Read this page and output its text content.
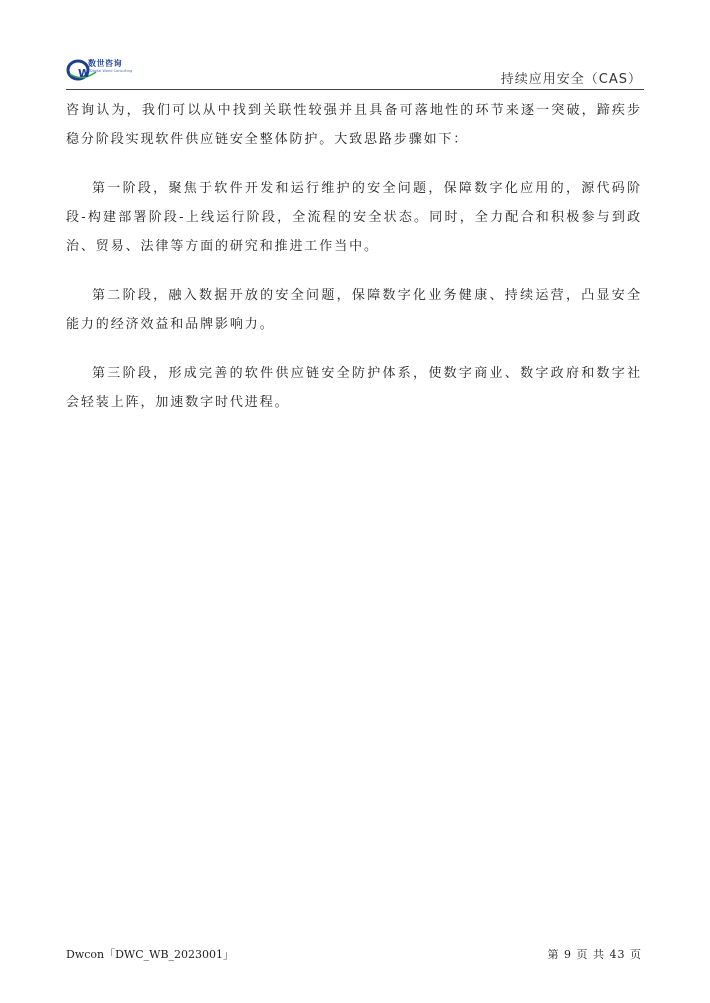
W
数世咨询
Digital World Consulting
持续应用安全（CAS）

咨询认为，我们可以从中找到关联性较强并且具备可落地性的环节来逐一突破，蹄疾步稳分阶段实现软件供应链安全整体防护。大致思路步骤如下：

第一阶段，聚焦于软件开发和运行维护的安全问题，保障数字化应用的，源代码阶段-构建部署阶段-上线运行阶段，全流程的安全状态。同时，全力配合和积极参与到政治、贸易、法律等方面的研究和推进工作当中。

第二阶段，融入数据开放的安全问题，保障数字化业务健康、持续运营，凸显安全能力的经济效益和品牌影响力。

第三阶段，形成完善的软件供应链安全防护体系，使数字商业、数字政府和数字社会轻装上阵，加速数字时代进程。

Dwcon「DWC_WB_2023001」	第 9 页 共 43 页
